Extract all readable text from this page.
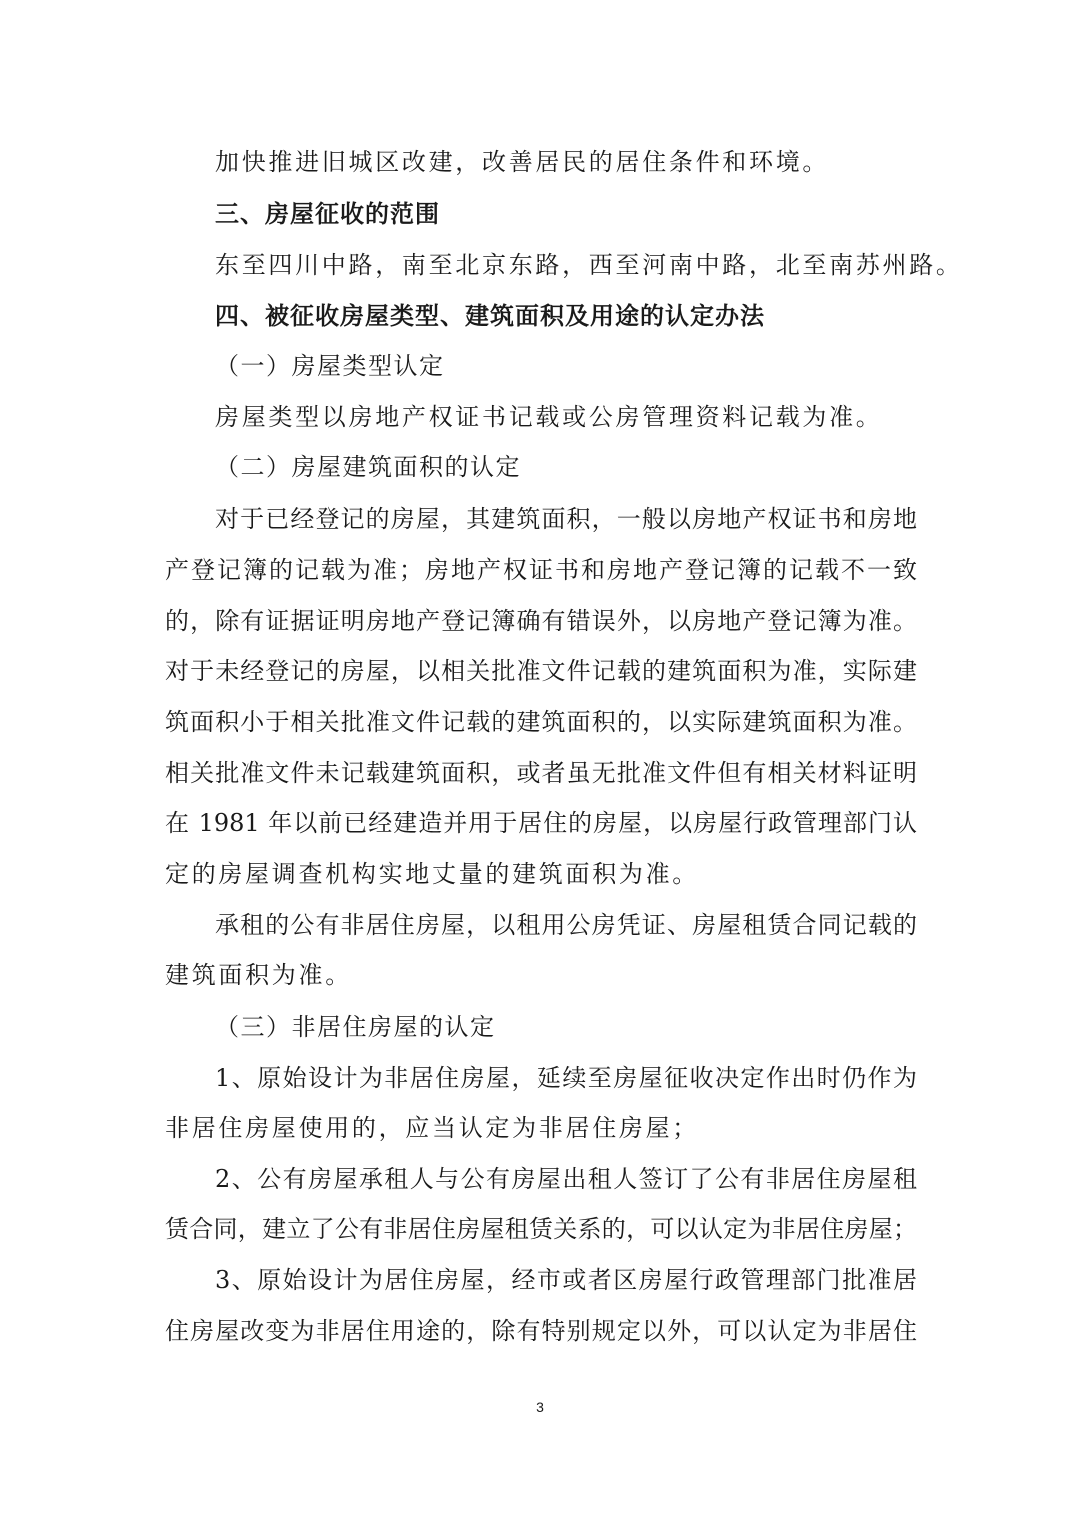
加快推进旧城区改建，改善居民的居住条件和环境。
三、房屋征收的范围
东至四川中路，南至北京东路，西至河南中路，北至南苏州路。
四、被征收房屋类型、建筑面积及用途的认定办法
（一）房屋类型认定
房屋类型以房地产权证书记载或公房管理资料记载为准。
（二）房屋建筑面积的认定
对于已经登记的房屋，其建筑面积，一般以房地产权证书和房地
产登记簿的记载为准；房地产权证书和房地产登记簿的记载不一致
的，除有证据证明房地产登记簿确有错误外，以房地产登记簿为准。
对于未经登记的房屋，以相关批准文件记载的建筑面积为准，实际建
筑面积小于相关批准文件记载的建筑面积的，以实际建筑面积为准。
相关批准文件未记载建筑面积，或者虽无批准文件但有相关材料证明
在 1981 年以前已经建造并用于居住的房屋，以房屋行政管理部门认
定的房屋调查机构实地丈量的建筑面积为准。
承租的公有非居住房屋，以租用公房凭证、房屋租赁合同记载的
建筑面积为准。
（三）非居住房屋的认定
1、原始设计为非居住房屋，延续至房屋征收决定作出时仍作为
非居住房屋使用的，应当认定为非居住房屋；
2、公有房屋承租人与公有房屋出租人签订了公有非居住房屋租
赁合同，建立了公有非居住房屋租赁关系的，可以认定为非居住房屋；
3、原始设计为居住房屋，经市或者区房屋行政管理部门批准居
住房屋改变为非居住用途的，除有特别规定以外，可以认定为非居住
3
